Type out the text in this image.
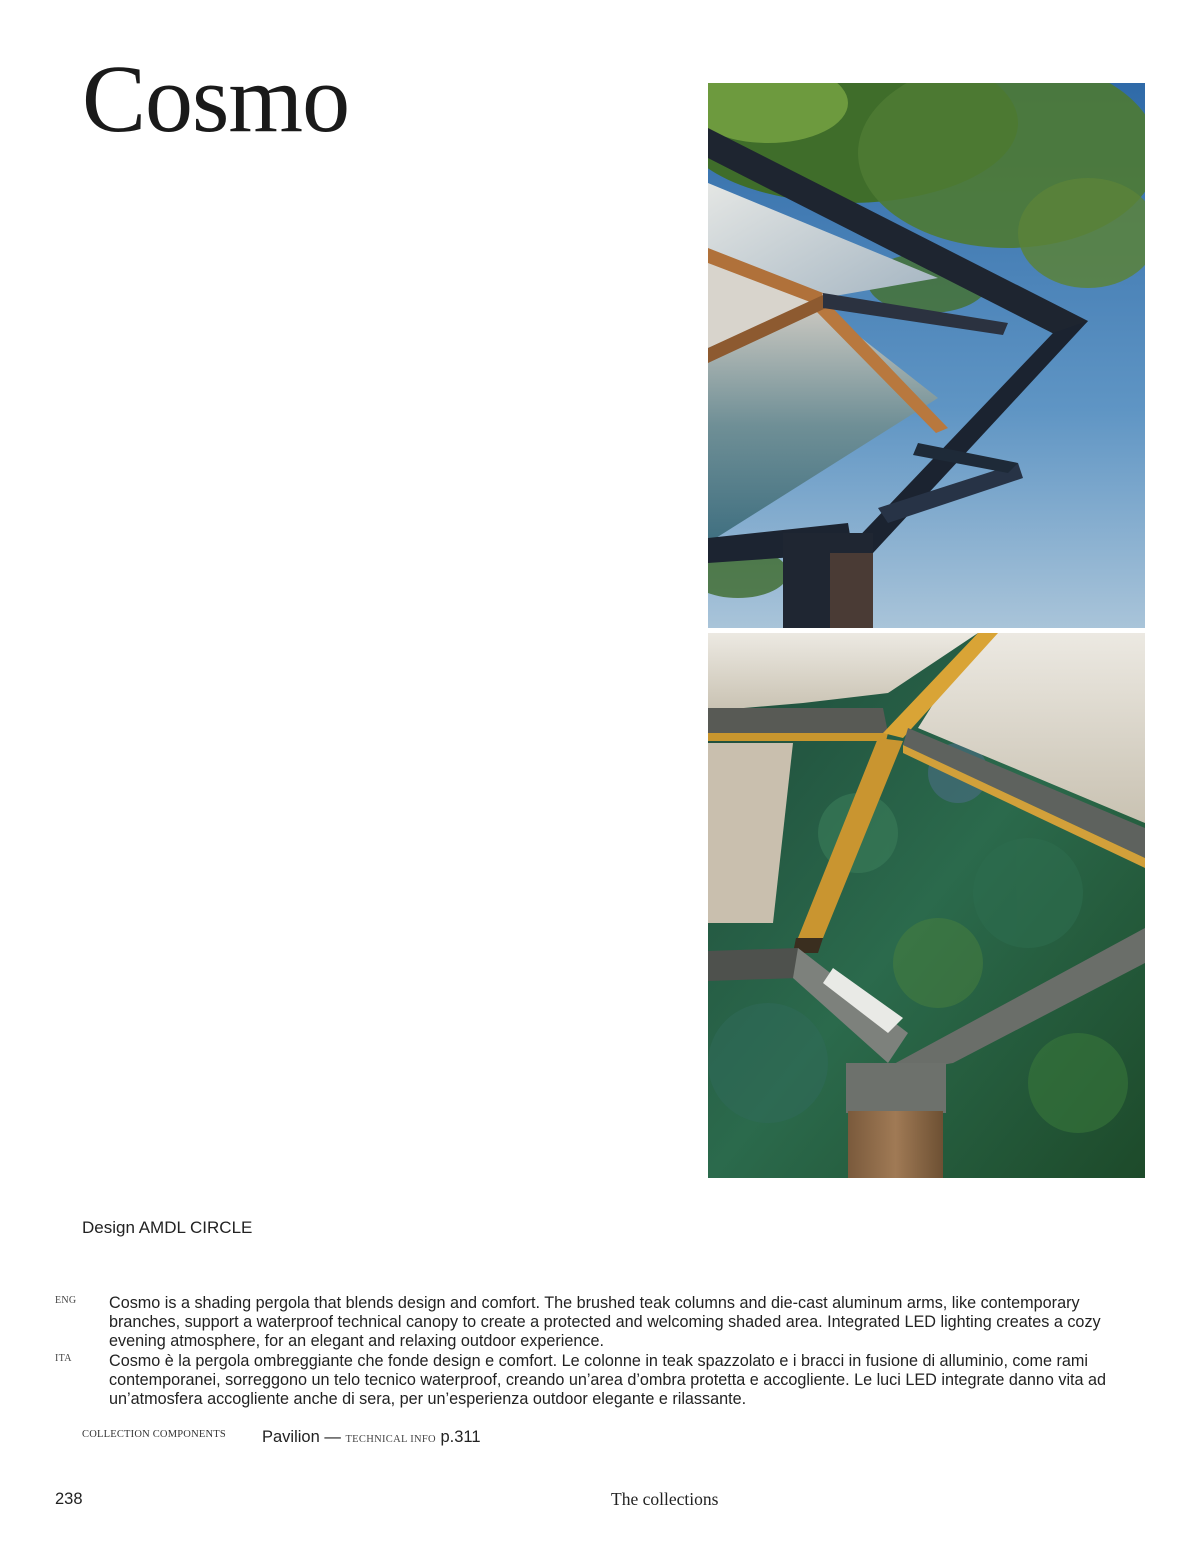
Cosmo
Design AMDL CIRCLE
ENG Cosmo is a shading pergola that blends design and comfort. The brushed teak columns and die-cast aluminum arms, like contemporary branches, support a waterproof technical canopy to create a protected and welcoming shaded area. Integrated LED lighting creates a cozy evening atmosphere, for an elegant and relaxing outdoor experience.

ITA Cosmo è la pergola ombreggiante che fonde design e comfort. Le colonne in teak spazzolato e i bracci in fusione di alluminio, come rami contemporanei, sorreggono un telo tecnico waterproof, creando un’area d’ombra protetta e accogliente. Le luci LED integrate danno vita ad un’atmosfera accogliente anche di sera, per un’esperienza outdoor elegante e rilassante.

COLLECTION COMPONENTS Pavilion — TECHNICAL INFO p.311
238	The collections
